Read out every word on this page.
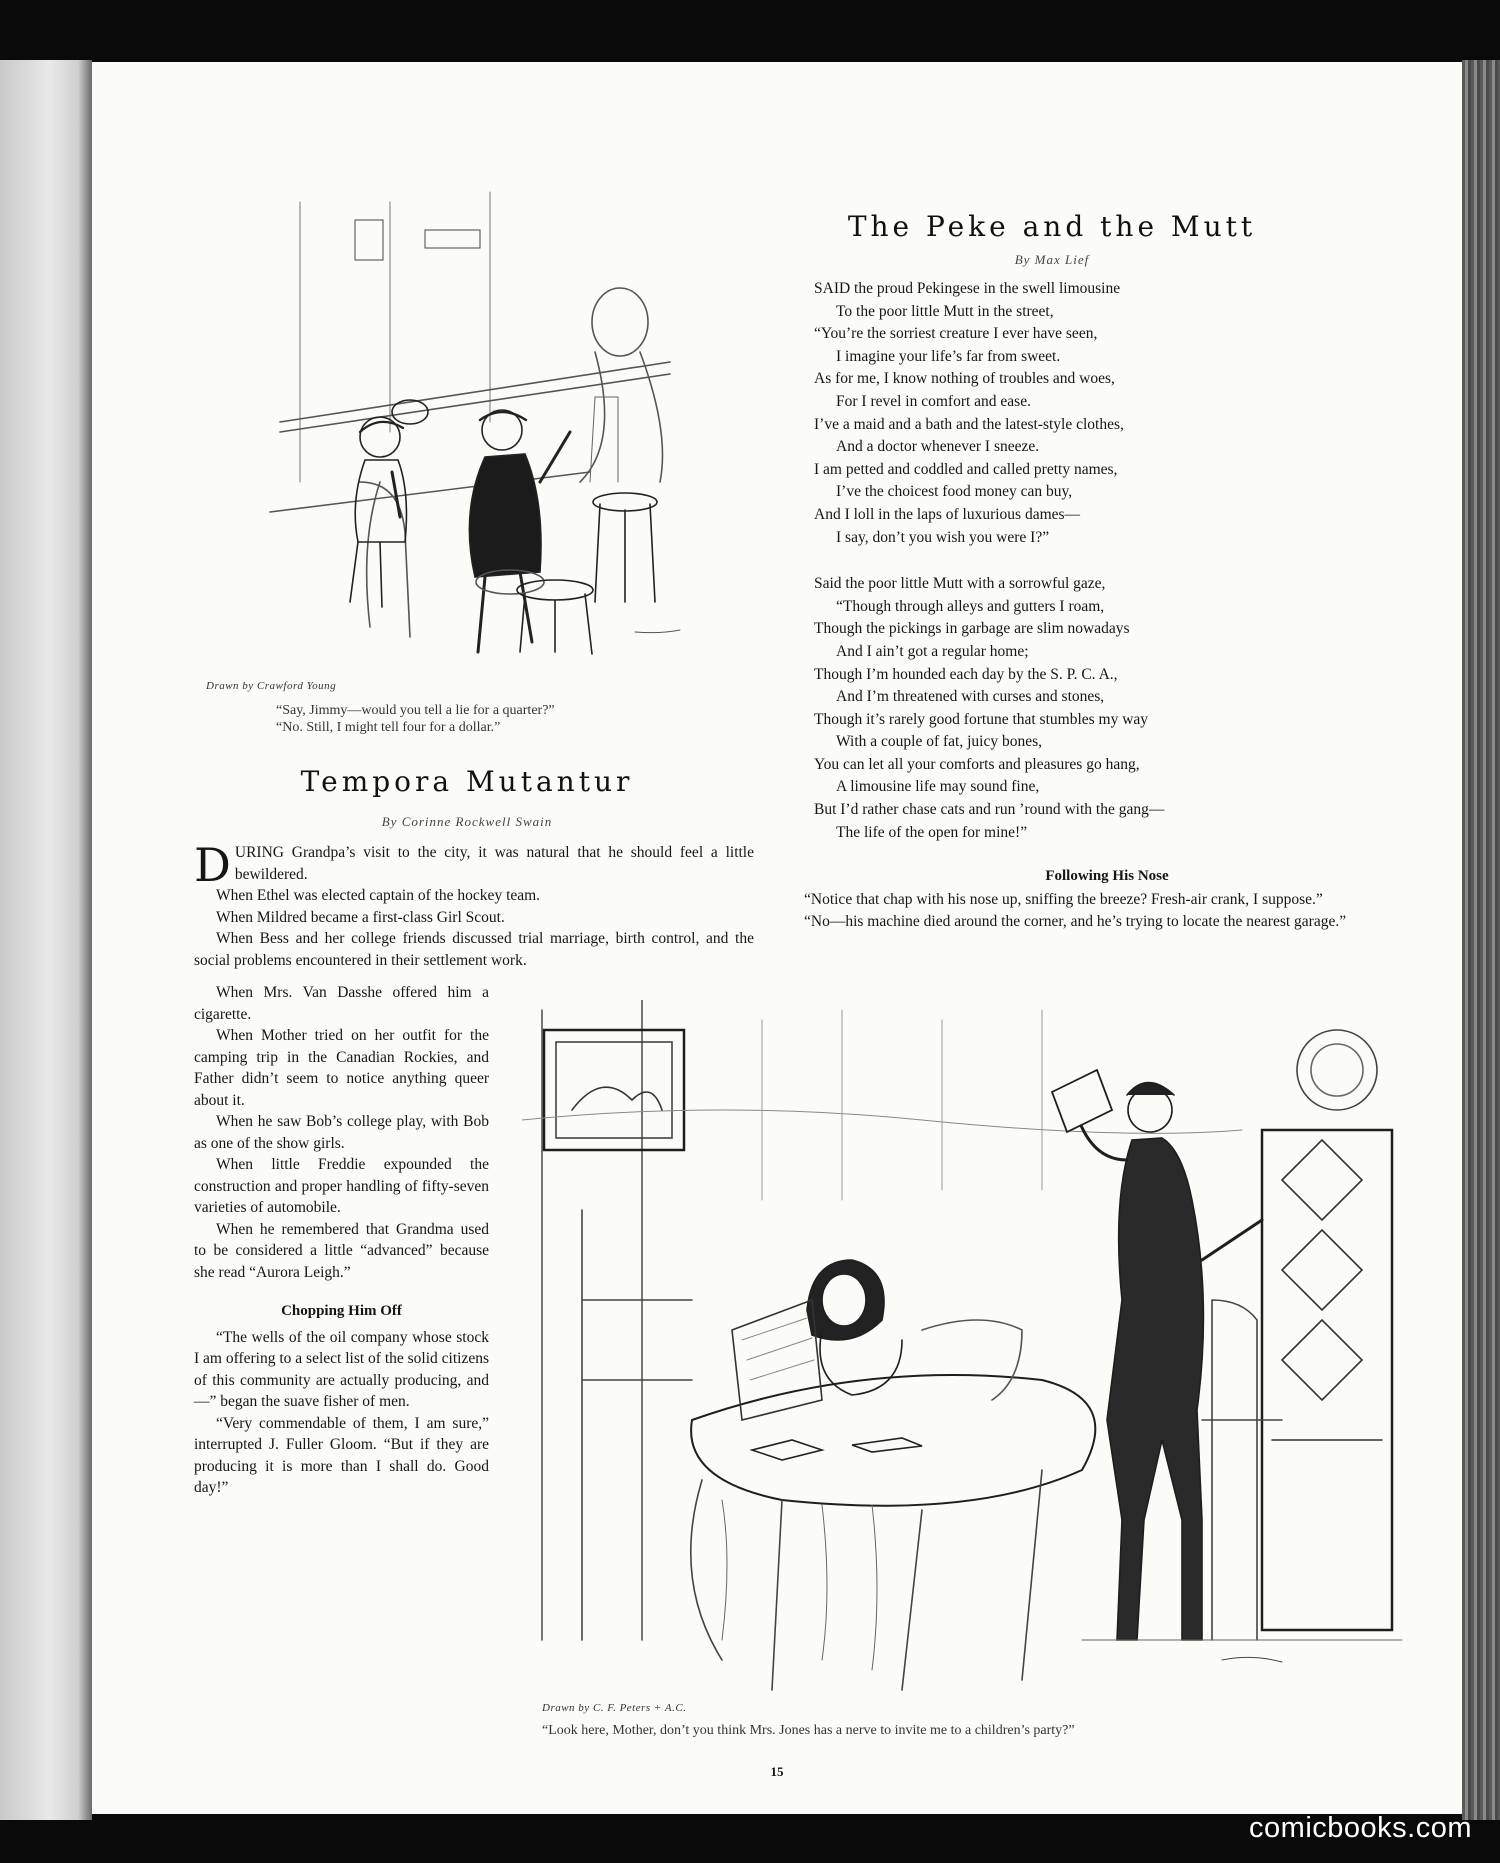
Drawn by Crawford Young
“Say, Jimmy—would you tell a lie for a quarter?”
“No. Still, I might tell four for a dollar.”
Tempora Mutantur
By Corinne Rockwell Swain

DURING Grandpa’s visit to the city, it was natural that he should feel a little bewildered.

When Ethel was elected captain of the hockey team.

When Mildred became a first-class Girl Scout.

When Bess and her college friends discussed trial marriage, birth control, and the social problems encountered in their settlement work.

When Mrs. Van Dasshe offered him a cigarette.

When Mother tried on her outfit for the camping trip in the Canadian Rockies, and Father didn’t seem to notice anything queer about it.

When he saw Bob’s college play, with Bob as one of the show girls.

When little Freddie expounded the construction and proper handling of fifty-seven varieties of automobile.

When he remembered that Grandma used to be considered a little “advanced” because she read “Aurora Leigh.”

Chopping Him Off

“The wells of the oil company whose stock I am offering to a select list of the solid citizens of this community are actually producing, and—” began the suave fisher of men.

“Very commendable of them, I am sure,” interrupted J. Fuller Gloom. “But if they are producing it is more than I shall do. Good day!”

The Peke and the Mutt
By Max Lief
SAID the proud Pekingese in the swell limousine
To the poor little Mutt in the street,
“You’re the sorriest creature I ever have seen,
I imagine your life’s far from sweet.
As for me, I know nothing of troubles and woes,
For I revel in comfort and ease.
I’ve a maid and a bath and the latest-style clothes,
And a doctor whenever I sneeze.
I am petted and coddled and called pretty names,
I’ve the choicest food money can buy,
And I loll in the laps of luxurious dames—
I say, don’t you wish you were I?”
Said the poor little Mutt with a sorrowful gaze,
“Though through alleys and gutters I roam,
Though the pickings in garbage are slim nowadays
And I ain’t got a regular home;
Though I’m hounded each day by the S. P. C. A.,
And I’m threatened with curses and stones,
Though it’s rarely good fortune that stumbles my way
With a couple of fat, juicy bones,
You can let all your comforts and pleasures go hang,
A limousine life may sound fine,
But I’d rather chase cats and run ’round with the gang—
The life of the open for mine!”
Following His Nose

“Notice that chap with his nose up, sniffing the breeze? Fresh-air crank, I suppose.”

“No—his machine died around the corner, and he’s trying to locate the nearest garage.”

Drawn by C. F. Peters + A.C.
“Look here, Mother, don’t you think Mrs. Jones has a nerve to invite me to a children’s party?”
15
comicbooks.com
